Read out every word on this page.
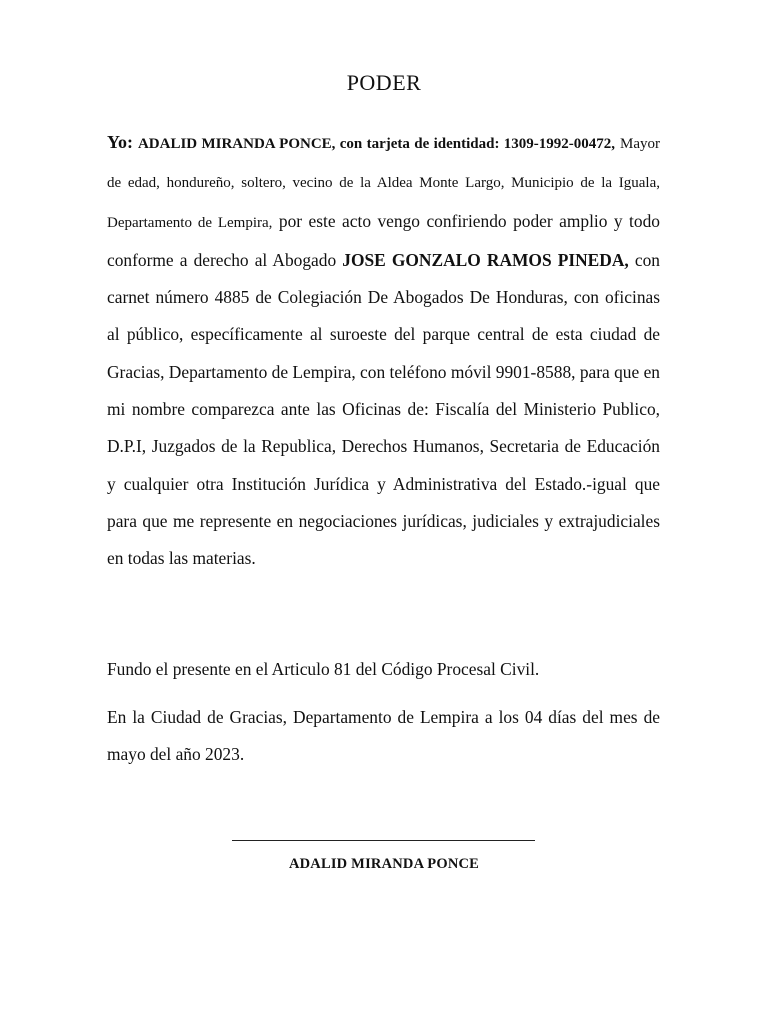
PODER

Yo: ADALID MIRANDA PONCE, con tarjeta de identidad: 1309-1992-00472, Mayor de edad, hondureño, soltero, vecino de la Aldea Monte Largo, Municipio de la Iguala, Departamento de Lempira, por este acto vengo confiriendo poder amplio y todo conforme a derecho al Abogado JOSE GONZALO RAMOS PINEDA, con carnet número 4885 de Colegiación De Abogados De Honduras, con oficinas al público, específicamente al suroeste del parque central de esta ciudad de Gracias, Departamento de Lempira, con teléfono móvil 9901-8588, para que en mi nombre comparezca ante las Oficinas de: Fiscalía del Ministerio Publico, D.P.I, Juzgados de la Republica, Derechos Humanos, Secretaria de Educación y cualquier otra Institución Jurídica y Administrativa del Estado.-igual que para que me represente en negociaciones jurídicas, judiciales y extrajudiciales en todas las materias.

Fundo el presente en el Articulo 81 del Código Procesal Civil.

En la Ciudad de Gracias, Departamento de Lempira a los 04 días del mes de mayo del año 2023.

ADALID MIRANDA PONCE
